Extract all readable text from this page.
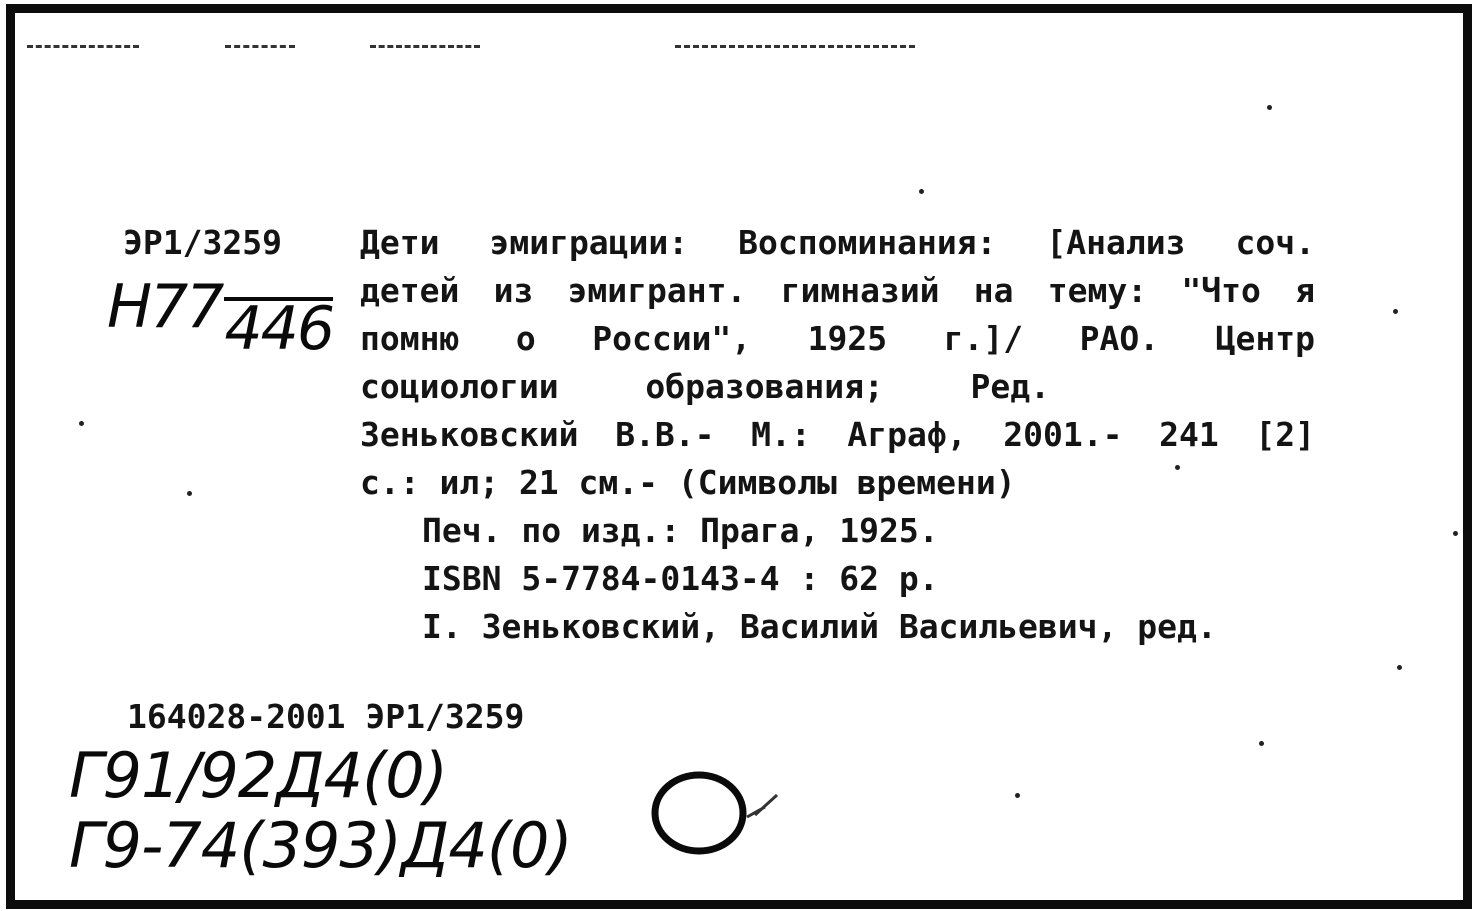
ЭР1/3259
Н77446
Дети эмиграции: Воспоминания: [Анализ соч.
детей из эмигрант. гимназий на тему: "Что я
помню о России", 1925 г.]/ РАО. Центр
социологии	образования;	Ред.
Зеньковский В.В.- М.: Аграф, 2001.- 241 [2]
с.: ил; 21 см.- (Символы времени)
Печ. по изд.: Прага, 1925.
ISBN 5-7784-0143-4 : 62 р.
I. Зеньковский, Василий Васильевич, ред.
164028-2001 ЭР1/3259
Г91/92Д4(0)
Г9-74(393)Д4(0)
